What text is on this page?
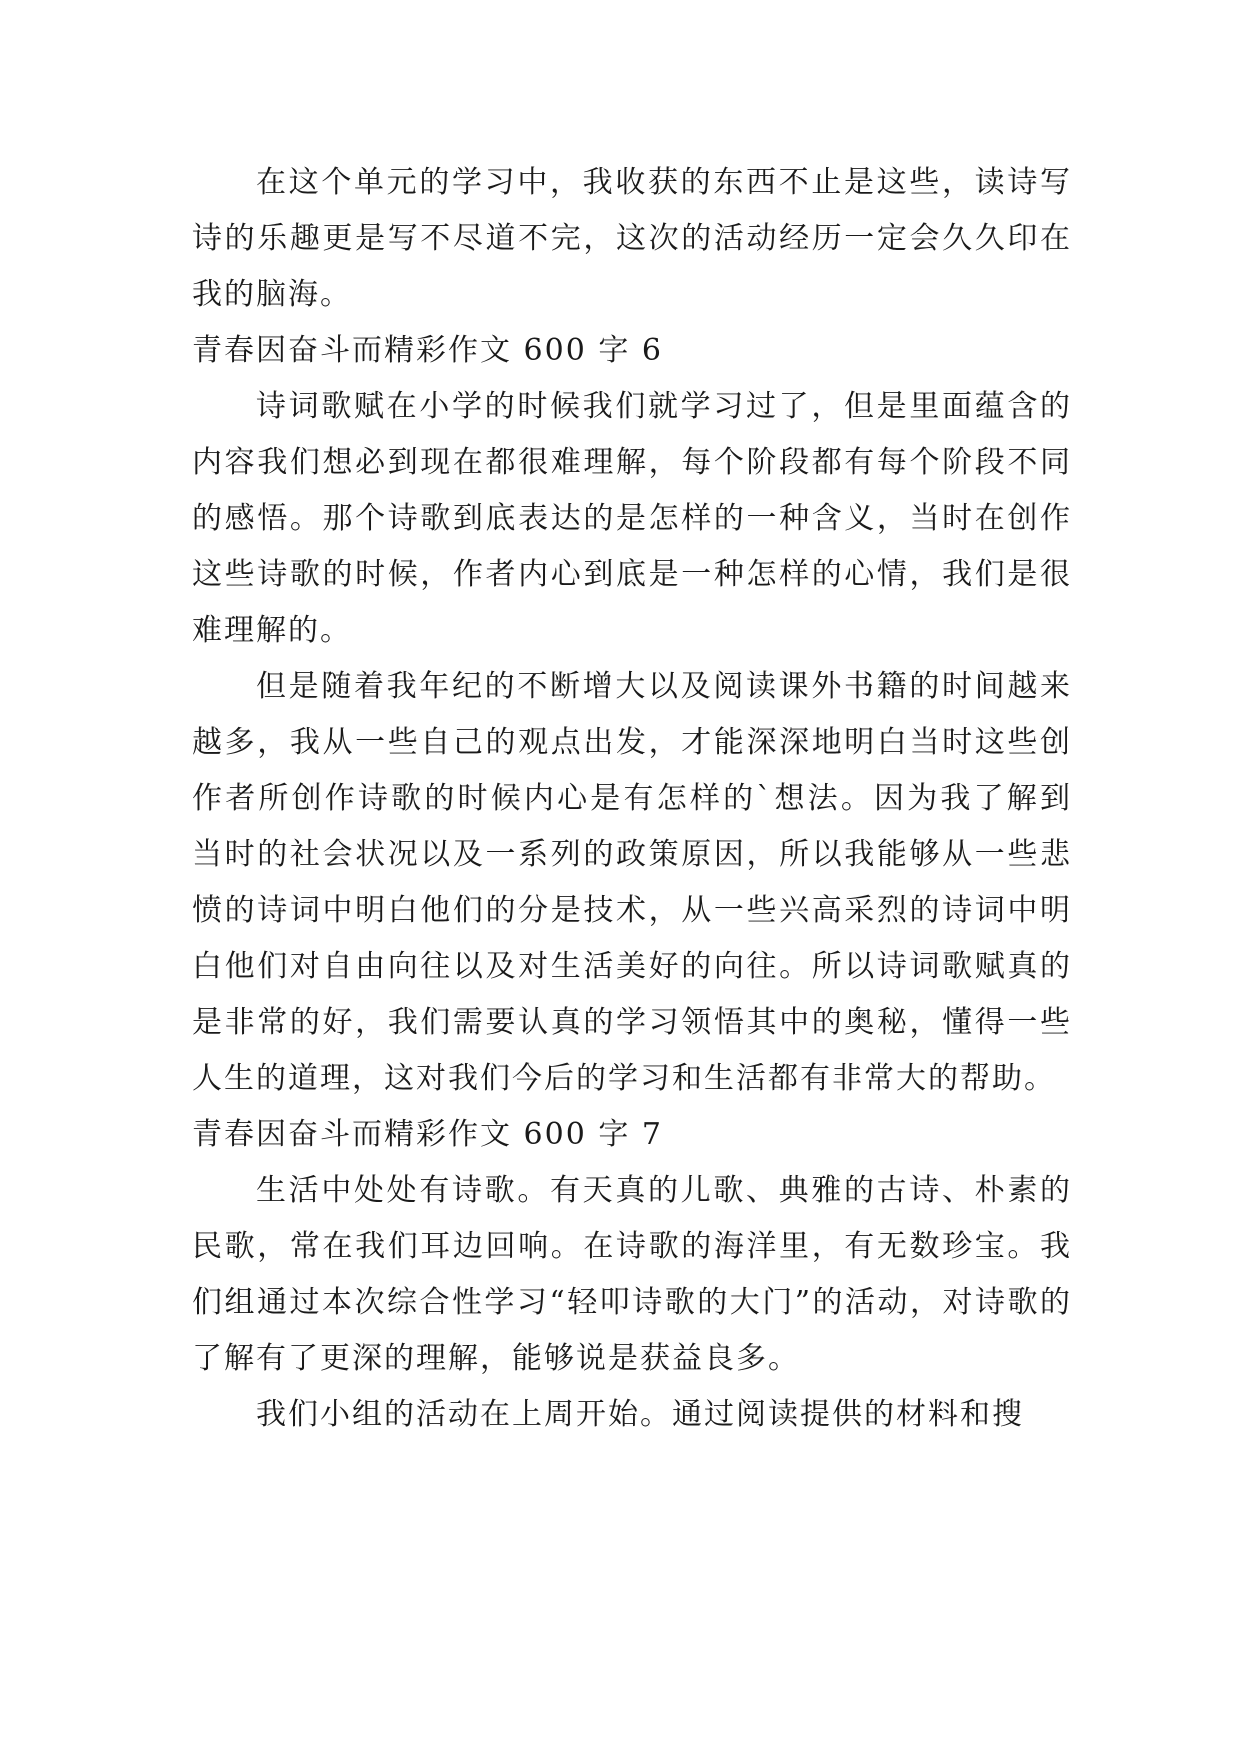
在这个单元的学习中，我收获的东西不止是这些，读诗写诗的乐趣更是写不尽道不完，这次的活动经历一定会久久印在我的脑海。

青春因奋斗而精彩作文 600 字 6

诗词歌赋在小学的时候我们就学习过了，但是里面蕴含的内容我们想必到现在都很难理解，每个阶段都有每个阶段不同的感悟。那个诗歌到底表达的是怎样的一种含义，当时在创作这些诗歌的时候，作者内心到底是一种怎样的心情，我们是很难理解的。

但是随着我年纪的不断增大以及阅读课外书籍的时间越来越多，我从一些自己的观点出发，才能深深地明白当时这些创作者所创作诗歌的时候内心是有怎样的`想法。因为我了解到当时的社会状况以及一系列的政策原因，所以我能够从一些悲愤的诗词中明白他们的分是技术，从一些兴高采烈的诗词中明白他们对自由向往以及对生活美好的向往。所以诗词歌赋真的是非常的好，我们需要认真的学习领悟其中的奥秘，懂得一些人生的道理，这对我们今后的学习和生活都有非常大的帮助。

青春因奋斗而精彩作文 600 字 7

生活中处处有诗歌。有天真的儿歌、典雅的古诗、朴素的民歌，常在我们耳边回响。在诗歌的海洋里，有无数珍宝。我们组通过本次综合性学习“轻叩诗歌的大门”的活动，对诗歌的了解有了更深的理解，能够说是获益良多。

我们小组的活动在上周开始。通过阅读提供的材料和搜
